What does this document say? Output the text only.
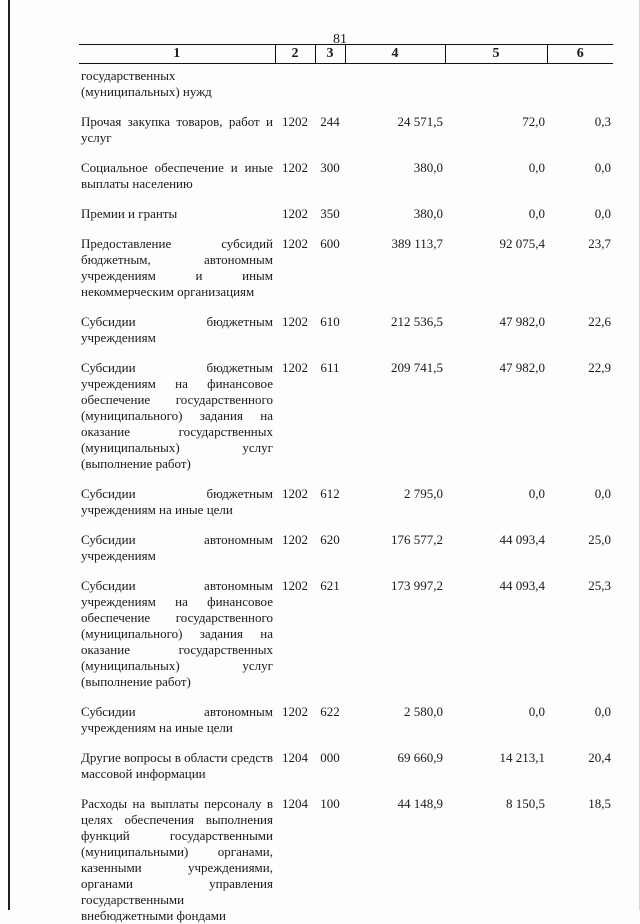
81
1	2	3	4	5	6
государственных (муниципальных) нужд					
Прочая закупка товаров, работ и услуг	1202	244	24 571,5	72,0	0,3
Социальное обеспечение и иные выплаты населению	1202	300	380,0	0,0	0,0
Премии и гранты	1202	350	380,0	0,0	0,0
Предоставление субсидий бюджетным, автономным учреждениям и иным некоммерческим организациям	1202	600	389 113,7	92 075,4	23,7
Субсидии бюджетным учреждениям	1202	610	212 536,5	47 982,0	22,6
Субсидии бюджетным учреждениям на финансовое обеспечение государственного (муниципального) задания на оказание государственных (муниципальных) услуг (выполнение работ)	1202	611	209 741,5	47 982,0	22,9
Субсидии бюджетным учреждениям на иные цели	1202	612	2 795,0	0,0	0,0
Субсидии автономным учреждениям	1202	620	176 577,2	44 093,4	25,0
Субсидии автономным учреждениям на финансовое обеспечение государственного (муниципального) задания на оказание государственных (муниципальных) услуг (выполнение работ)	1202	621	173 997,2	44 093,4	25,3
Субсидии автономным учреждениям на иные цели	1202	622	2 580,0	0,0	0,0
Другие вопросы в области средств массовой информации	1204	000	69 660,9	14 213,1	20,4
Расходы на выплаты персоналу в целях обеспечения выполнения функций государственными (муниципальными) органами, казенными учреждениями, органами управления государственными внебюджетными фондами	1204	100	44 148,9	8 150,5	18,5
